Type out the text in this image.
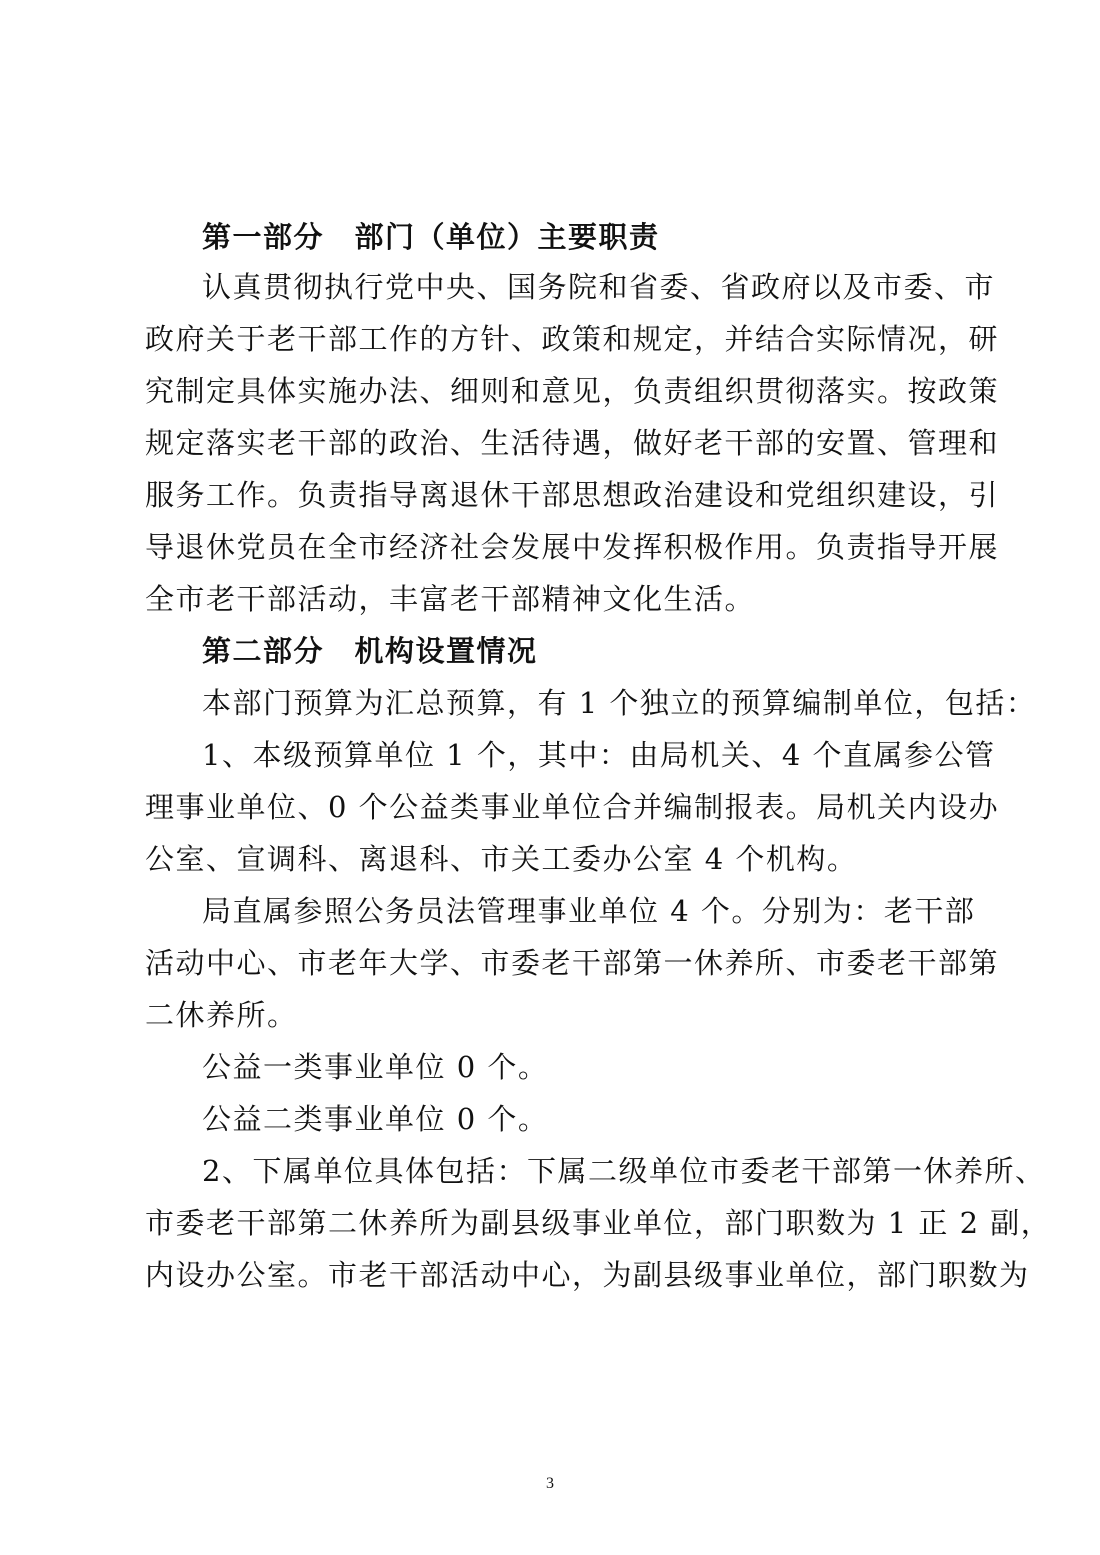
第一部分　部门（单位）主要职责
认真贯彻执行党中央、国务院和省委、省政府以及市委、市
政府关于老干部工作的方针、政策和规定，并结合实际情况，研
究制定具体实施办法、细则和意见，负责组织贯彻落实。按政策
规定落实老干部的政治、生活待遇，做好老干部的安置、管理和
服务工作。负责指导离退休干部思想政治建设和党组织建设，引
导退休党员在全市经济社会发展中发挥积极作用。负责指导开展
全市老干部活动，丰富老干部精神文化生活。
第二部分　机构设置情况
本部门预算为汇总预算，有 1 个独立的预算编制单位，包括：
1、本级预算单位 1 个，其中：由局机关、4 个直属参公管
理事业单位、0 个公益类事业单位合并编制报表。局机关内设办
公室、宣调科、离退科、市关工委办公室 4 个机构。
局直属参照公务员法管理事业单位 4 个。分别为：老干部
活动中心、市老年大学、市委老干部第一休养所、市委老干部第
二休养所。
公益一类事业单位 0 个。
公益二类事业单位 0 个。
2、下属单位具体包括：下属二级单位市委老干部第一休养所、
市委老干部第二休养所为副县级事业单位，部门职数为 1 正 2 副，
内设办公室。市老干部活动中心，为副县级事业单位，部门职数为
3
